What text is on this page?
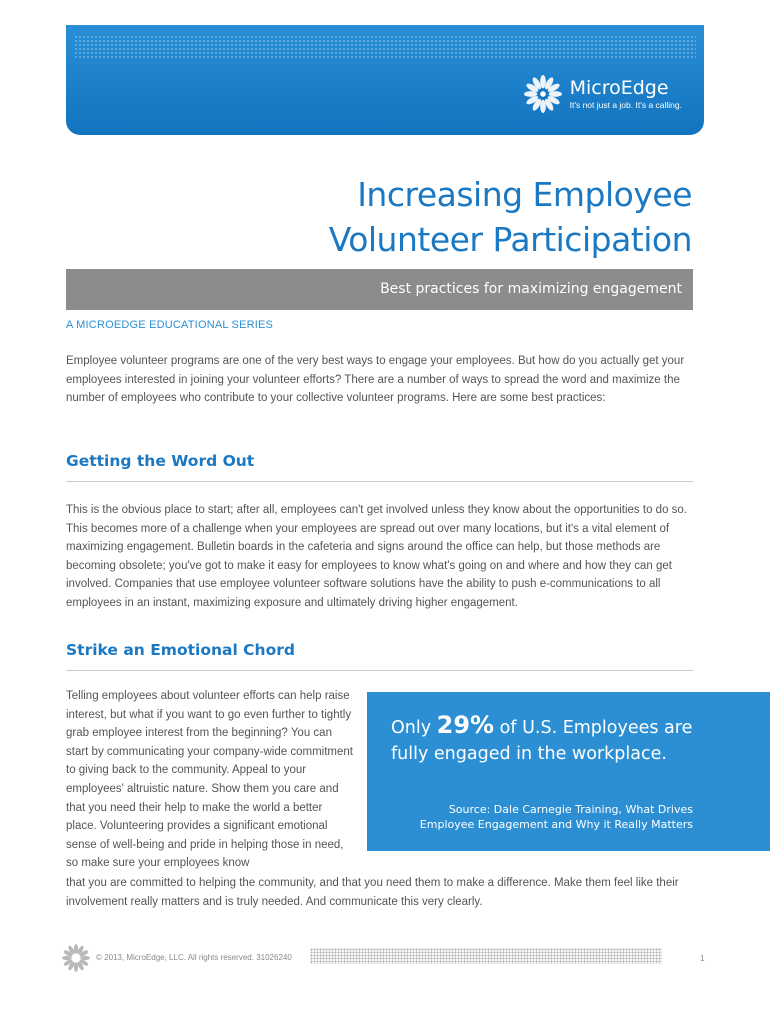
MicroEdge
It's not just a job. It's a calling.
Increasing Employee
Volunteer Participation
Best practices for maximizing engagement
A MICROEDGE EDUCATIONAL SERIES

Employee volunteer programs are one of the very best ways to engage your employees. But how do you actually get your employees interested in joining your volunteer efforts? There are a number of ways to spread the word and maximize the number of employees who contribute to your collective volunteer programs. Here are some best practices:

Getting the Word Out

This is the obvious place to start; after all, employees can't get involved unless they know about the opportunities to do so. This becomes more of a challenge when your employees are spread out over many locations, but it's a vital element of maximizing engagement. Bulletin boards in the cafeteria and signs around the office can help, but those methods are becoming obsolete; you've got to make it easy for employees to know what's going on and where and how they can get involved. Companies that use employee volunteer software solutions have the ability to push e-communications to all employees in an instant, maximizing exposure and ultimately driving higher engagement.

Strike an Emotional Chord

Telling employees about volunteer efforts can help raise interest, but what if you want to go even further to tightly grab employee interest from the beginning? You can start by communicating your company-wide commitment to giving back to the community. Appeal to your employees' altruistic nature. Show them you care and that you need their help to make the world a better place. Volunteering provides a significant emotional sense of well-being and pride in helping those in need, so make sure your employees know

Only 29% of U.S. Employees are fully engaged in the workplace.
Source: Dale Carnegie Training, What Drives
Employee Engagement and Why it Really Matters

that you are committed to helping the community, and that you need them to make a difference. Make them feel like their involvement really matters and is truly needed. And communicate this very clearly.

© 2013, MicroEdge, LLC. All rights reserved. 31026240	1
